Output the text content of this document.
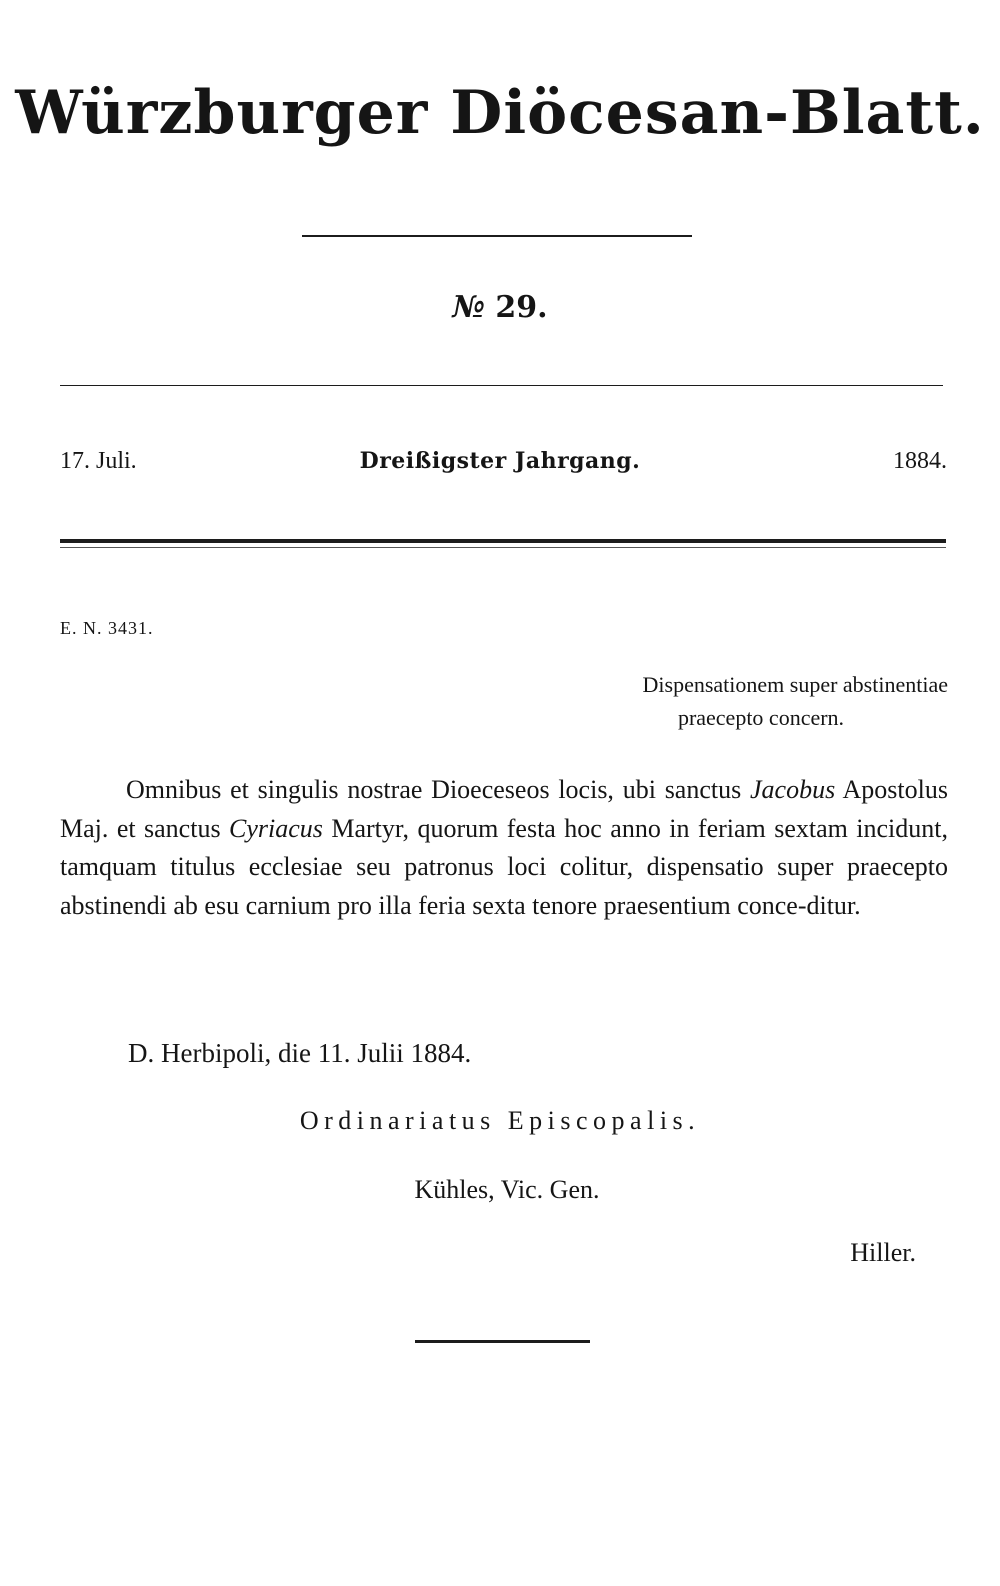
Würzburger Diöcesan-Blatt.
№ 29.
17. Juli.	Dreißigster Jahrgang.	1884.
E. N. 3431.
Dispensationem super abstinentiae
praecepto concern.

Omnibus et singulis nostrae Dioeceseos locis, ubi sanctus Jacobus Apostolus Maj. et sanctus Cyriacus Martyr, quorum festa hoc anno in feriam sextam incidunt, tamquam titulus ecclesiae seu patronus loci colitur, dispensatio super praecepto abstinendi ab esu carnium pro illa feria sexta tenore praesentium conce-ditur.

D. Herbipoli, die 11. Julii 1884.
Ordinariatus Episcopalis.
Kühles, Vic. Gen.
Hiller.
